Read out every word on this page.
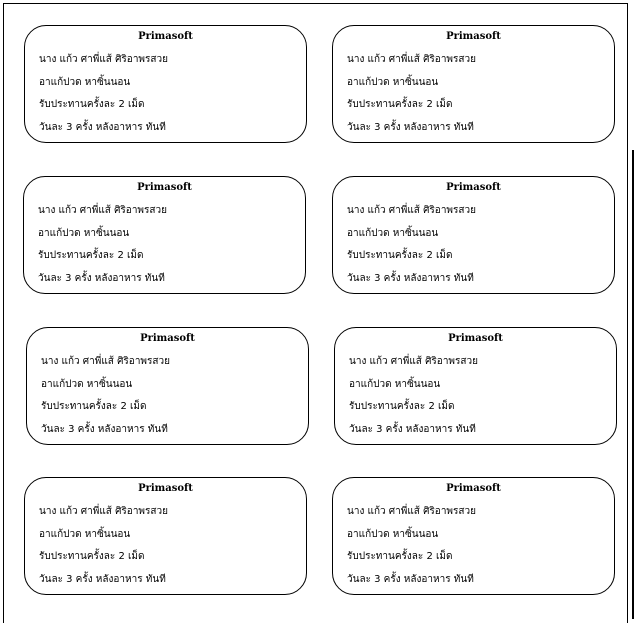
Primasoft
นาง แก้ว ศาพี่แส้ ศิริอาพรสวย
อาแก้ปวด หาซิ้นนอน
รับประทานครั้งละ 2 เม็ด
วันละ 3 ครั้ง หลังอาหาร ทันที
Primasoft
นาง แก้ว ศาพี่แส้ ศิริอาพรสวย
อาแก้ปวด หาซิ้นนอน
รับประทานครั้งละ 2 เม็ด
วันละ 3 ครั้ง หลังอาหาร ทันที
Primasoft
นาง แก้ว ศาพี่แส้ ศิริอาพรสวย
อาแก้ปวด หาซิ้นนอน
รับประทานครั้งละ 2 เม็ด
วันละ 3 ครั้ง หลังอาหาร ทันที
Primasoft
นาง แก้ว ศาพี่แส้ ศิริอาพรสวย
อาแก้ปวด หาซิ้นนอน
รับประทานครั้งละ 2 เม็ด
วันละ 3 ครั้ง หลังอาหาร ทันที
Primasoft
นาง แก้ว ศาพี่แส้ ศิริอาพรสวย
อาแก้ปวด หาซิ้นนอน
รับประทานครั้งละ 2 เม็ด
วันละ 3 ครั้ง หลังอาหาร ทันที
Primasoft
นาง แก้ว ศาพี่แส้ ศิริอาพรสวย
อาแก้ปวด หาซิ้นนอน
รับประทานครั้งละ 2 เม็ด
วันละ 3 ครั้ง หลังอาหาร ทันที
Primasoft
นาง แก้ว ศาพี่แส้ ศิริอาพรสวย
อาแก้ปวด หาซิ้นนอน
รับประทานครั้งละ 2 เม็ด
วันละ 3 ครั้ง หลังอาหาร ทันที
Primasoft
นาง แก้ว ศาพี่แส้ ศิริอาพรสวย
อาแก้ปวด หาซิ้นนอน
รับประทานครั้งละ 2 เม็ด
วันละ 3 ครั้ง หลังอาหาร ทันที
